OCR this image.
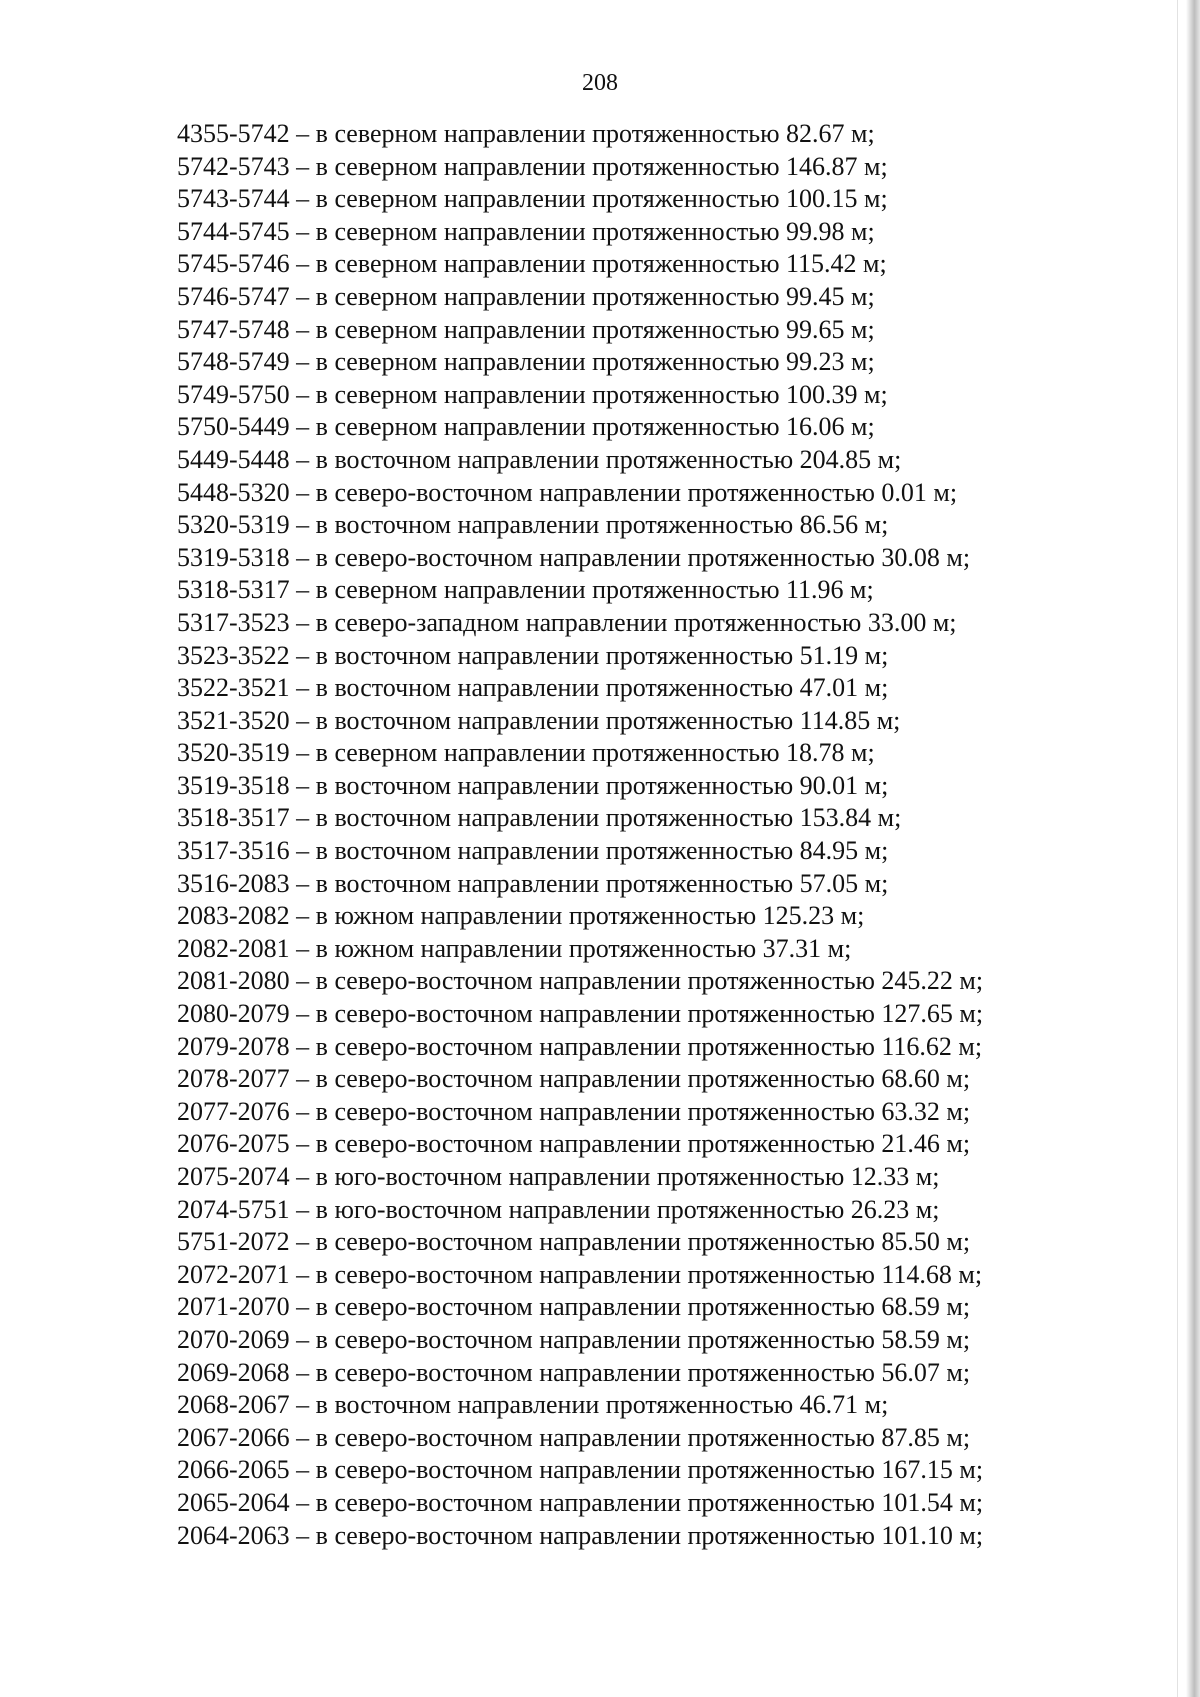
208
4355-5742 – в северном направлении протяженностью 82.67 м;
5742-5743 – в северном направлении протяженностью 146.87 м;
5743-5744 – в северном направлении протяженностью 100.15 м;
5744-5745 – в северном направлении протяженностью 99.98 м;
5745-5746 – в северном направлении протяженностью 115.42 м;
5746-5747 – в северном направлении протяженностью 99.45 м;
5747-5748 – в северном направлении протяженностью 99.65 м;
5748-5749 – в северном направлении протяженностью 99.23 м;
5749-5750 – в северном направлении протяженностью 100.39 м;
5750-5449 – в северном направлении протяженностью 16.06 м;
5449-5448 – в восточном направлении протяженностью 204.85 м;
5448-5320 – в северо-восточном направлении протяженностью 0.01 м;
5320-5319 – в восточном направлении протяженностью 86.56 м;
5319-5318 – в северо-восточном направлении протяженностью 30.08 м;
5318-5317 – в северном направлении протяженностью 11.96 м;
5317-3523 – в северо-западном направлении протяженностью 33.00 м;
3523-3522 – в восточном направлении протяженностью 51.19 м;
3522-3521 – в восточном направлении протяженностью 47.01 м;
3521-3520 – в восточном направлении протяженностью 114.85 м;
3520-3519 – в северном направлении протяженностью 18.78 м;
3519-3518 – в восточном направлении протяженностью 90.01 м;
3518-3517 – в восточном направлении протяженностью 153.84 м;
3517-3516 – в восточном направлении протяженностью 84.95 м;
3516-2083 – в восточном направлении протяженностью 57.05 м;
2083-2082 – в южном направлении протяженностью 125.23 м;
2082-2081 – в южном направлении протяженностью 37.31 м;
2081-2080 – в северо-восточном направлении протяженностью 245.22 м;
2080-2079 – в северо-восточном направлении протяженностью 127.65 м;
2079-2078 – в северо-восточном направлении протяженностью 116.62 м;
2078-2077 – в северо-восточном направлении протяженностью 68.60 м;
2077-2076 – в северо-восточном направлении протяженностью 63.32 м;
2076-2075 – в северо-восточном направлении протяженностью 21.46 м;
2075-2074 – в юго-восточном направлении протяженностью 12.33 м;
2074-5751 – в юго-восточном направлении протяженностью 26.23 м;
5751-2072 – в северо-восточном направлении протяженностью 85.50 м;
2072-2071 – в северо-восточном направлении протяженностью 114.68 м;
2071-2070 – в северо-восточном направлении протяженностью 68.59 м;
2070-2069 – в северо-восточном направлении протяженностью 58.59 м;
2069-2068 – в северо-восточном направлении протяженностью 56.07 м;
2068-2067 – в восточном направлении протяженностью 46.71 м;
2067-2066 – в северо-восточном направлении протяженностью 87.85 м;
2066-2065 – в северо-восточном направлении протяженностью 167.15 м;
2065-2064 – в северо-восточном направлении протяженностью 101.54 м;
2064-2063 – в северо-восточном направлении протяженностью 101.10 м;
